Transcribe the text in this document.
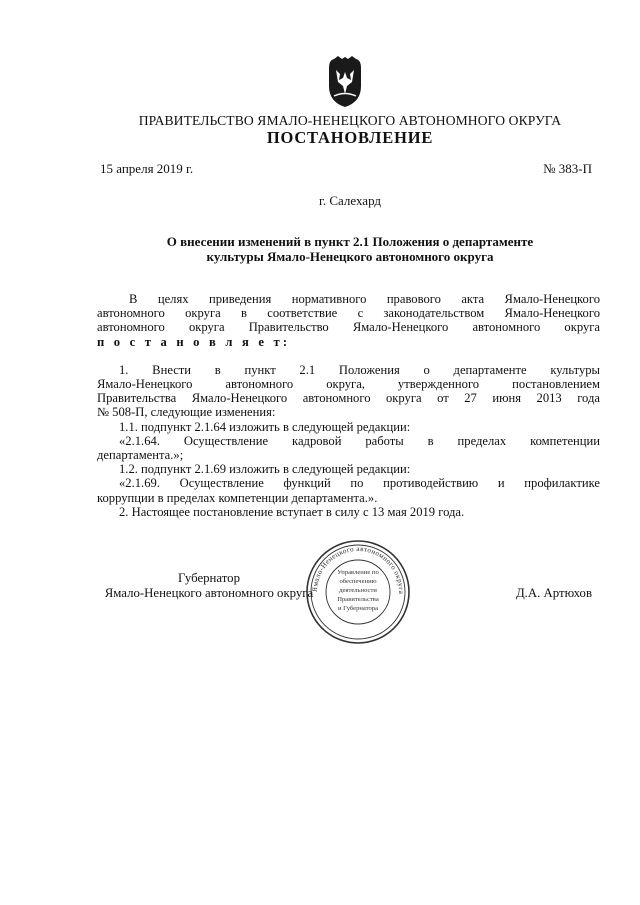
ПРАВИТЕЛЬСТВО ЯМАЛО-НЕНЕЦКОГО АВТОНОМНОГО ОКРУГА
ПОСТАНОВЛЕНИЕ
15 апреля 2019 г.	№ 383-П
г. Салехард
О внесении изменений в пункт 2.1 Положения о департаменте
культуры Ямало-Ненецкого автономного округа

В целях приведения нормативного правового акта Ямало-Ненецкого

автономного округа в соответствие с законодательством Ямало-Ненецкого

автономного округа Правительство Ямало-Ненецкого автономного округа

п о с т а н о в л я е т:

1. Внести в пункт 2.1 Положения о департаменте культуры

Ямало-Ненецкого автономного округа, утвержденного постановлением

Правительства Ямало-Ненецкого автономного округа от 27 июня 2013 года

№ 508-П, следующие изменения:

1.1. подпункт 2.1.64 изложить в следующей редакции:

«2.1.64. Осуществление кадровой работы в пределах компетенции

департамента.»;

1.2. подпункт 2.1.69 изложить в следующей редакции:

«2.1.69. Осуществление функций по противодействию и профилактике

коррупции в пределах компетенции департамента.».

2. Настоящее постановление вступает в силу с 13 мая 2019 года.

Губернатор
Ямало-Ненецкого автономного округа	Д.А. Артюхов
Ямало-Ненецкого автономного округа
Управление по
обеспечению
деятельности
Правительства
и Губернатора
